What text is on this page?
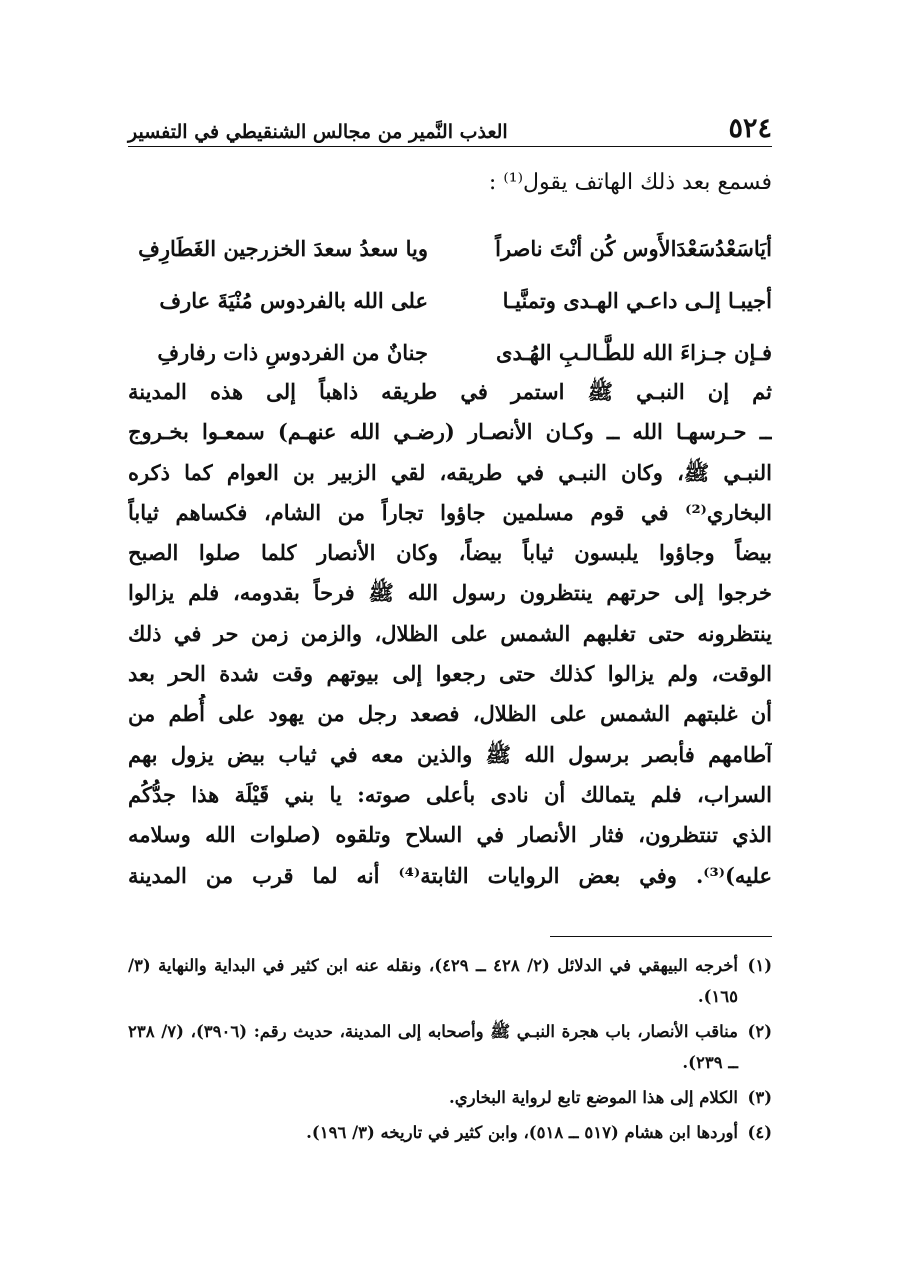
٥٢٤
العذب النَّمير من مجالس الشنقيطي في التفسير
فسمع بعد ذلك الهاتف يقول⁽¹⁾ :
أيَاسَعْدُسَعْدَالأَوس كُن أنْتَ ناصراً
ويا سعدُ سعدَ الخزرجين الغَطَارِفِ
أجيبـا إلـى داعـي الهـدى وتمنَّيـا
على الله بالفردوس مُنْيَةَ عارف
فـإن جـزاءَ الله للطَّـالـبِ الهُـدى
جنانٌ من الفردوسِ ذات رفارفِ
ثم إن النبـي ﷺ استمر في طريقه ذاهباً إلى هذه المدينة
ــ حـرسهـا الله ــ وكـان الأنصـار (رضـي الله عنهـم) سمعـوا بخـروج
النبـي ﷺ، وكان النبـي في طريقه، لقي الزبير بن العوام كما ذكره
البخاري⁽²⁾ في قوم مسلمين جاؤوا تجاراً من الشام، فكساهم ثياباً
بيضاً وجاؤوا يلبسون ثياباً بيضاً، وكان الأنصار كلما صلوا الصبح
خرجوا إلى حرتهم ينتظرون رسول الله ﷺ فرحاً بقدومه، فلم يزالوا
ينتظرونه حتى تغلبهم الشمس على الظلال، والزمن زمن حر في ذلك
الوقت، ولم يزالوا كذلك حتى رجعوا إلى بيوتهم وقت شدة الحر بعد
أن غلبتهم الشمس على الظلال، فصعد رجل من يهود على أُطم من
آطامهم فأبصر برسول الله ﷺ والذين معه في ثياب بيض يزول بهم
السراب، فلم يتمالك أن نادى بأعلى صوته: يا بني قَيْلَة هذا جدُّكُم
الذي تنتظرون، فثار الأنصار في السلاح وتلقوه (صلوات الله وسلامه
عليه)⁽³⁾. وفي بعض الروايات الثابتة⁽⁴⁾ أنه لما قرب من المدينة
(١)
أخرجه البيهقي في الدلائل (٢/ ٤٢٨ ــ ٤٢٩)، ونقله عنه ابن كثير في البداية والنهاية (٣/ ١٦٥).
(٢)
مناقب الأنصار، باب هجرة النبـي ﷺ وأصحابه إلى المدينة، حديث رقم: (٣٩٠٦)، (٧/ ٢٣٨ ــ ٢٣٩).
(٣)
الكلام إلى هذا الموضع تابع لرواية البخاري.
(٤)
أوردها ابن هشام (٥١٧ ــ ٥١٨)، وابن كثير في تاريخه (٣/ ١٩٦).
